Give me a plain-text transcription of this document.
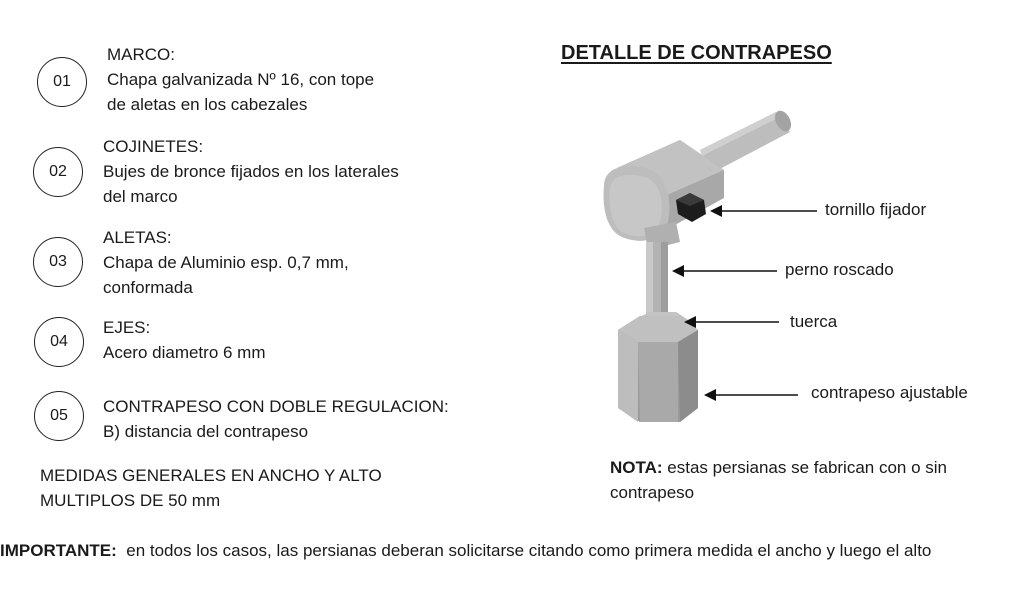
01
MARCO:
Chapa galvanizada Nº 16, con tope
de aletas en los cabezales
02
COJINETES:
Bujes de bronce fijados en los laterales
del marco
03
ALETAS:
Chapa de Aluminio esp. 0,7 mm,
conformada
04
EJES:
Acero diametro 6 mm
05 CONTRAPESO CON DOBLE REGULACION:
B) distancia del contrapeso
MEDIDAS GENERALES EN ANCHO Y ALTO
MULTIPLOS DE 50 mm
DETALLE DE CONTRAPESO
tornillo fijador
perno roscado
tuerca
contrapeso ajustable
NOTA: estas persianas se fabrican con o sin contrapeso
IMPORTANTE: en todos los casos, las persianas deberan solicitarse citando como primera medida el ancho y luego el alto
